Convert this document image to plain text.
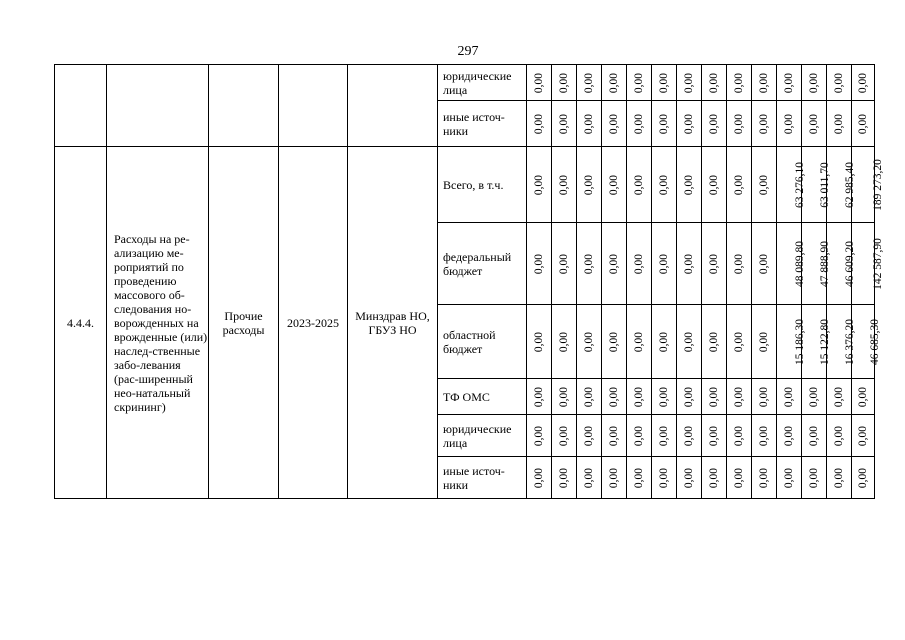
297
					юридические лица	0,00	0,00	0,00	0,00	0,00	0,00	0,00	0,00	0,00	0,00	0,00	0,00	0,00	0,00
					иные источ-ники	0,00	0,00	0,00	0,00	0,00	0,00	0,00	0,00	0,00	0,00	0,00	0,00	0,00	0,00
4.4.4.	Расходы на ре-ализацию ме-роприятий по проведению массового об-следования но-ворожденных на врожденные (или) наслед-ственные забо-левания (рас-ширенный нео-натальный скрининг)	Прочие расходы	2023-2025	Минздрав НО, ГБУЗ НО	Всего, в т.ч.	0,00	0,00	0,00	0,00	0,00	0,00	0,00	0,00	0,00	0,00	63 276,10	63 011,70	62 985,40	189 273,20
					федеральный бюджет	0,00	0,00	0,00	0,00	0,00	0,00	0,00	0,00	0,00	0,00	48 089,80	47 888,90	46 609,20	142 587,90
					областной бюджет	0,00	0,00	0,00	0,00	0,00	0,00	0,00	0,00	0,00	0,00	15 186,30	15 122,80	16 376,20	46 685,30
					ТФ ОМС	0,00	0,00	0,00	0,00	0,00	0,00	0,00	0,00	0,00	0,00	0,00	0,00	0,00	0,00
					юридические лица	0,00	0,00	0,00	0,00	0,00	0,00	0,00	0,00	0,00	0,00	0,00	0,00	0,00	0,00
					иные источ-ники	0,00	0,00	0,00	0,00	0,00	0,00	0,00	0,00	0,00	0,00	0,00	0,00	0,00	0,00
